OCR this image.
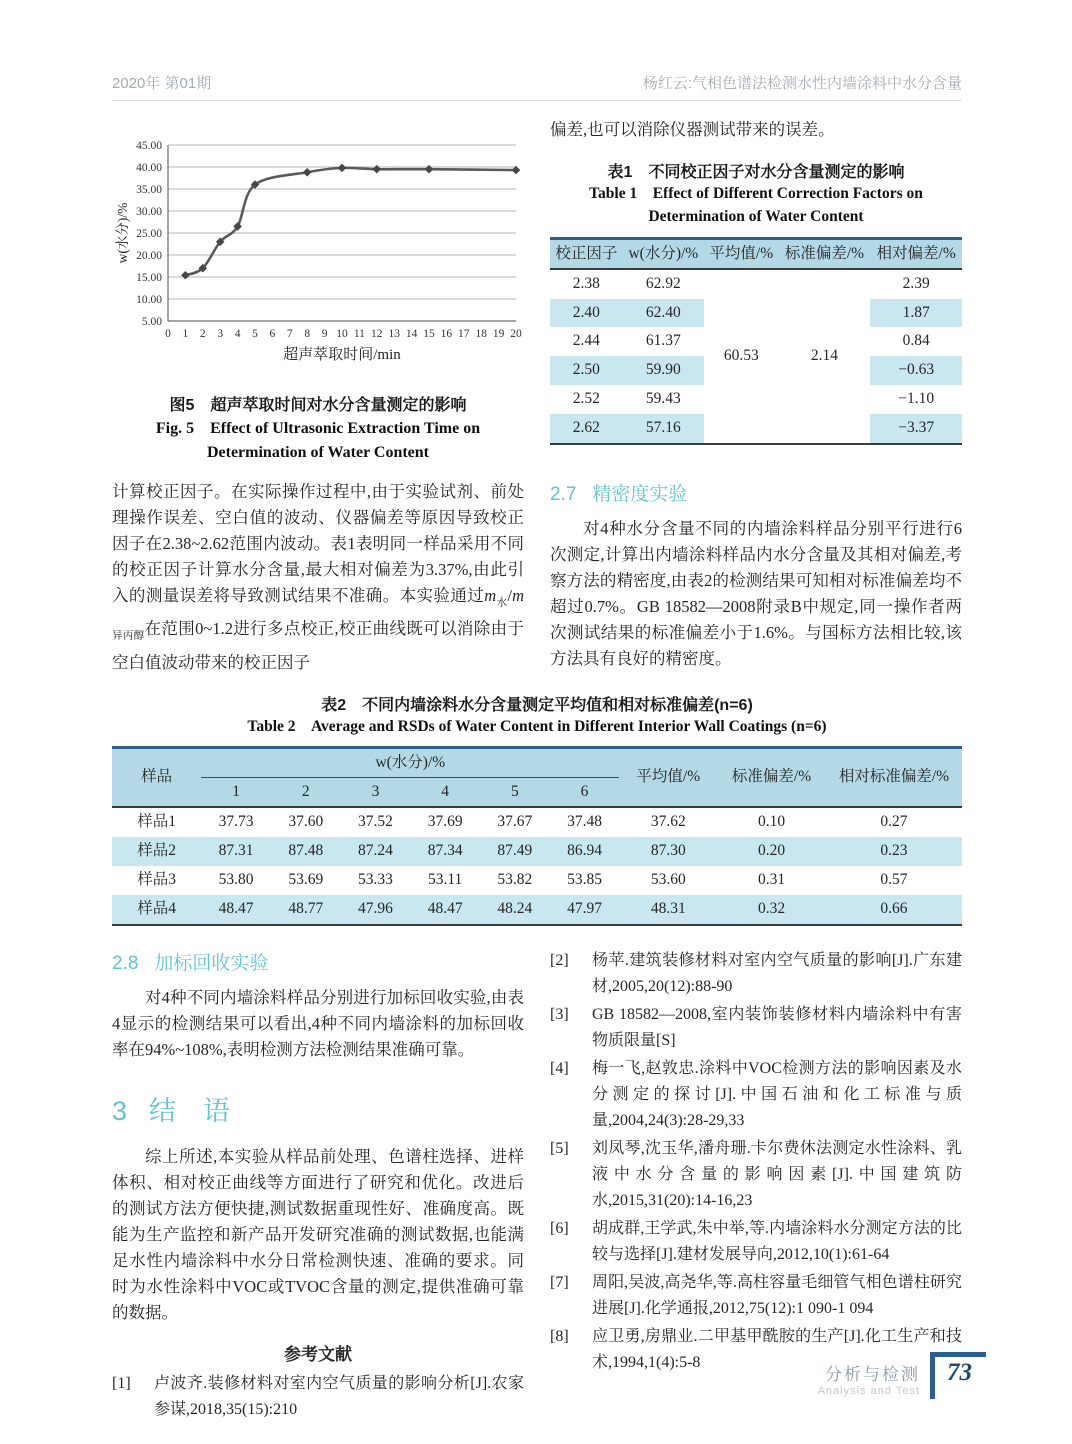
2020年 第01期	杨红云:气相色谱法检测水性内墙涂料中水分含量
5.00
10.00
15.00
20.00
25.00
30.00
35.00
40.00
45.00
0 1 2 3 4 5 6 7 8 9 10 11 12 13 14 15 16 17 18 19 20
超声萃取时间/min
w(水分)/%
图5　超声萃取时间对水分含量测定的影响
Fig. 5　Effect of Ultrasonic Extraction Time on
Determination of Water Content

偏差,也可以消除仪器测试带来的误差。

表1　不同校正因子对水分含量测定的影响
Table 1　Effect of Different Correction Factors on
Determination of Water Content
校正因子	w(水分)/%	平均值/%	标准偏差/%	相对偏差/%
2.38	62.92	60.53	2.14	2.39
2.40	62.40			1.87
2.44	61.37			0.84
2.50	59.90			−0.63
2.52	59.43			−1.10
2.62	57.16			−3.37

计算校正因子。在实际操作过程中,由于实验试剂、前处理操作误差、空白值的波动、仪器偏差等原因导致校正因子在2.38~2.62范围内波动。表1表明同一样品采用不同的校正因子计算水分含量,最大相对偏差为3.37%,由此引入的测量误差将导致测试结果不准确。本实验通过$m_水/m_{异丙醇}$在范围0~1.2进行多点校正,校正曲线既可以消除由于空白值波动带来的校正因子

2.7 精密度实验

对4种水分含量不同的内墙涂料样品分别平行进行6次测定,计算出内墙涂料样品内水分含量及其相对偏差,考察方法的精密度,由表2的检测结果可知相对标准偏差均不超过0.7%。GB 18582—2008附录B中规定,同一操作者两次测试结果的标准偏差小于1.6%。与国标方法相比较,该方法具有良好的精密度。

表2　不同内墙涂料水分含量测定平均值和相对标准偏差(n=6)
Table 2　Average and RSDs of Water Content in Different Interior Wall Coatings (n=6)
样品	w(水分)/%						平均值/%	标准偏差/%	相对标准偏差/%
	1	2	3	4	5	6			
样品1	37.73	37.60	37.52	37.69	37.67	37.48	37.62	0.10	0.27
样品2	87.31	87.48	87.24	87.34	87.49	86.94	87.30	0.20	0.23
样品3	53.80	53.69	53.33	53.11	53.82	53.85	53.60	0.31	0.57
样品4	48.47	48.77	47.96	48.47	48.24	47.97	48.31	0.32	0.66
2.8 加标回收实验

对4种不同内墙涂料样品分别进行加标回收实验,由表4显示的检测结果可以看出,4种不同内墙涂料的加标回收率在94%~108%,表明检测方法检测结果准确可靠。

3 结　语

综上所述,本实验从样品前处理、色谱柱选择、进样体积、相对校正曲线等方面进行了研究和优化。改进后的测试方法方便快捷,测试数据重现性好、准确度高。既能为生产监控和新产品开发研究准确的测试数据,也能满足水性内墙涂料中水分日常检测快速、准确的要求。同时为水性涂料中VOC或TVOC含量的测定,提供准确可靠的数据。

参考文献
[1]	卢波齐.装修材料对室内空气质量的影响分析[J].农家参谋,2018,35(15):210
[2]	杨苹.建筑装修材料对室内空气质量的影响[J].广东建材,2005,20(12):88-90
[3]	GB 18582—2008,室内装饰装修材料内墙涂料中有害物质限量[S]
[4]	梅一飞,赵敦忠.涂料中VOC检测方法的影响因素及水分测定的探讨[J].中国石油和化工标准与质量,2004,24(3):28-29,33
[5]	刘凤琴,沈玉华,潘舟珊.卡尔费休法测定水性涂料、乳液中水分含量的影响因素[J].中国建筑防水,2015,31(20):14-16,23
[6]	胡成群,王学武,朱中举,等.内墙涂料水分测定方法的比较与选择[J].建材发展导向,2012,10(1):61-64
[7]	周阳,吴波,高尧华,等.高柱容量毛细管气相色谱柱研究进展[J].化学通报,2012,75(12):1 090-1 094
[8]	应卫勇,房鼎业.二甲基甲酰胺的生产[J].化工生产和技术,1994,1(4):5-8
分析与检测
Analysis and Test
73
